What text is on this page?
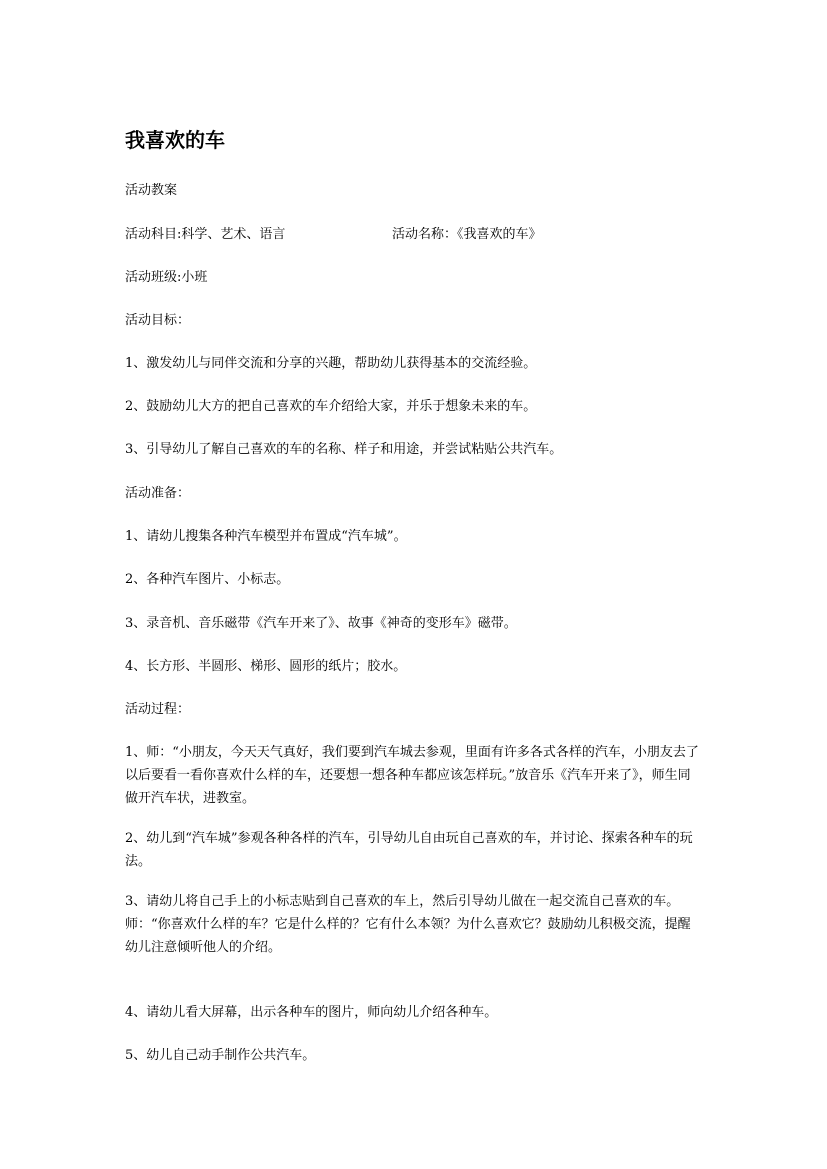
我喜欢的车
活动教案
活动科目:科学、艺术、语言	活动名称：《我喜欢的车》
活动班级:小班
活动目标：
1、激发幼儿与同伴交流和分享的兴趣，帮助幼儿获得基本的交流经验。
2、鼓励幼儿大方的把自己喜欢的车介绍给大家，并乐于想象未来的车。
3、引导幼儿了解自己喜欢的车的名称、样子和用途，并尝试粘贴公共汽车。
活动准备：
1、请幼儿搜集各种汽车模型并布置成“汽车城”。
2、各种汽车图片、小标志。
3、录音机、音乐磁带《汽车开来了》、故事《神奇的变形车》磁带。
4、长方形、半圆形、梯形、圆形的纸片；胶水。
活动过程：
1、师：“小朋友，今天天气真好，我们要到汽车城去参观，里面有许多各式各样的汽车，小朋友去了以后要看一看你喜欢什么样的车，还要想一想各种车都应该怎样玩。”放音乐《汽车开来了》，师生同做开汽车状，进教室。
2、幼儿到“汽车城”参观各种各样的汽车，引导幼儿自由玩自己喜欢的车，并讨论、探索各种车的玩法。
3、请幼儿将自己手上的小标志贴到自己喜欢的车上，然后引导幼儿做在一起交流自己喜欢的车。师：“你喜欢什么样的车？它是什么样的？它有什么本领？为什么喜欢它？鼓励幼儿积极交流，提醒幼儿注意倾听他人的介绍。
4、请幼儿看大屏幕，出示各种车的图片，师向幼儿介绍各种车。
5、幼儿自己动手制作公共汽车。
